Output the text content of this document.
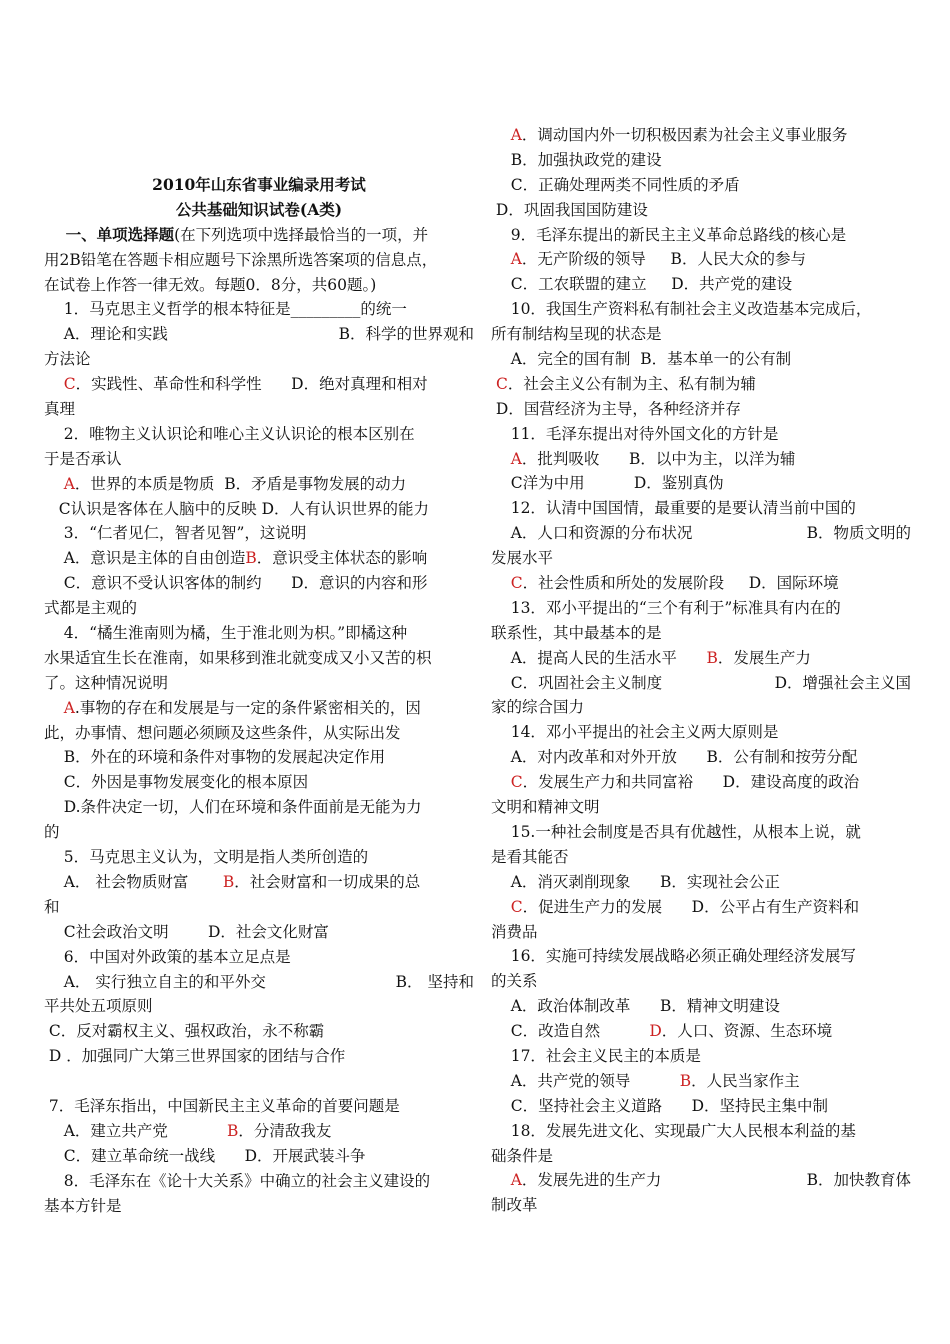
2010年山东省事业编录用考试
公共基础知识试卷(A类)
一、单项选择题(在下列选项中选择最恰当的一项，并
用2B铅笔在答题卡相应题号下涂黑所选答案项的信息点，
在试卷上作答一律无效。每题0．8分，共60题。)
1．马克思主义哲学的根本特征是_________的统一
A．理论和实践	B．科学的世界观和
方法论
C．实践性、革命性和科学性      D．绝对真理和相对
真理
2．唯物主义认识论和唯心主义认识论的根本区别在
于是否承认
A．世界的本质是物质  B．矛盾是事物发展的动力
C认识是客体在人脑中的反映 D．人有认识世界的能力
3．“仁者见仁，智者见智”，这说明
A．意识是主体的自由创造B．意识受主体状态的影响
C．意识不受认识客体的制约      D．意识的内容和形
式都是主观的
4．“橘生淮南则为橘，生于淮北则为枳。”即橘这种
水果适宜生长在淮南，如果移到淮北就变成又小又苦的枳
了。这种情况说明
A.事物的存在和发展是与一定的条件紧密相关的，因
此，办事情、想问题必须顾及这些条件，从实际出发
B．外在的环境和条件对事物的发展起决定作用
C．外因是事物发展变化的根本原因
D.条件决定一切，人们在环境和条件面前是无能为力
的
5．马克思主义认为，文明是指人类所创造的
A． 社会物质财富       B．社会财富和一切成果的总
和
C社会政治文明        D．社会文化财富
6．中国对外政策的基本立足点是
A． 实行独立自主的和平外交	B． 坚持和
平共处五项原则
C．反对霸权主义、强权政治，永不称霸
D ．加强同广大第三世界国家的团结与合作
7．毛泽东指出，中国新民主主义革命的首要问题是
A．建立共产党            B．分清敌我友
C．建立革命统一战线      D．开展武装斗争
8．毛泽东在《论十大关系》中确立的社会主义建设的
基本方针是
A．调动国内外一切积极因素为社会主义事业服务
B．加强执政党的建设
C．正确处理两类不同性质的矛盾
D．巩固我国国防建设
9．毛泽东提出的新民主主义革命总路线的核心是
A．无产阶级的领导     B．人民大众的参与
C．工农联盟的建立     D．共产党的建设
10．我国生产资料私有制社会主义改造基本完成后，
所有制结构呈现的状态是
A．完全的国有制  B．基本单一的公有制
C．社会主义公有制为主、私有制为辅
D．国营经济为主导，各种经济并存
11．毛泽东提出对待外国文化的方针是
A．批判吸收      B．以中为主，以洋为辅
C洋为中用          D．鉴别真伪
12．认清中国国情，最重要的是要认清当前中国的
A．人口和资源的分布状况	B．物质文明的
发展水平
C．社会性质和所处的发展阶段     D．国际环境
13．邓小平提出的“三个有利于”标准具有内在的
联系性，其中最基本的是
A．提高人民的生活水平      B．发展生产力
C．巩固社会主义制度	D．增强社会主义国
家的综合国力
14．邓小平提出的社会主义两大原则是
A．对内改革和对外开放      B．公有制和按劳分配
C．发展生产力和共同富裕      D．建设高度的政治
文明和精神文明
15.一种社会制度是否具有优越性，从根本上说，就
是看其能否
A．消灭剥削现象      B．实现社会公正
C．促进生产力的发展      D．公平占有生产资料和
消费品
16．实施可持续发展战略必须正确处理经济发展写
的关系
A．政治体制改革      B．精神文明建设
C．改造自然          D．人口、资源、生态环境
17．社会主义民主的本质是
A．共产党的领导          B．人民当家作主
C．坚持社会主义道路      D．坚持民主集中制
18．发展先进文化、实现最广大人民根本利益的基
础条件是
A．发展先进的生产力	B．加快教育体
制改革
